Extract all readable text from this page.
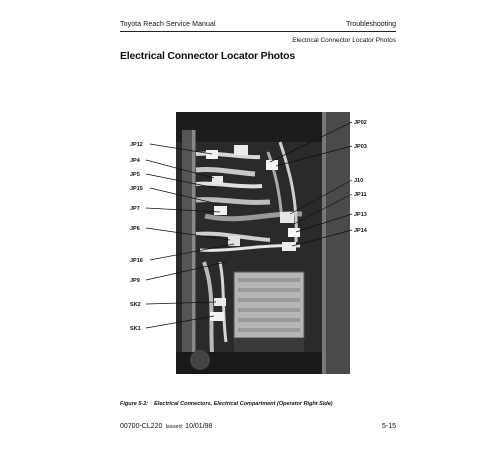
Toyota Reach Service Manual	Troubleshooting
Electrical Connector Locator Photos
Electrical Connector Locator Photos
JP12
JP4
JP5
JP15
JP7
JP6
JP16
JP9
SK2
SK1
JP02
JP03
J10
JP11
JP13
JP14
Figure 5-2: Electrical Connectors, Electrical Compartment (Operator Right Side)
00700-CL220 Issued: 10/01/98	5-15
